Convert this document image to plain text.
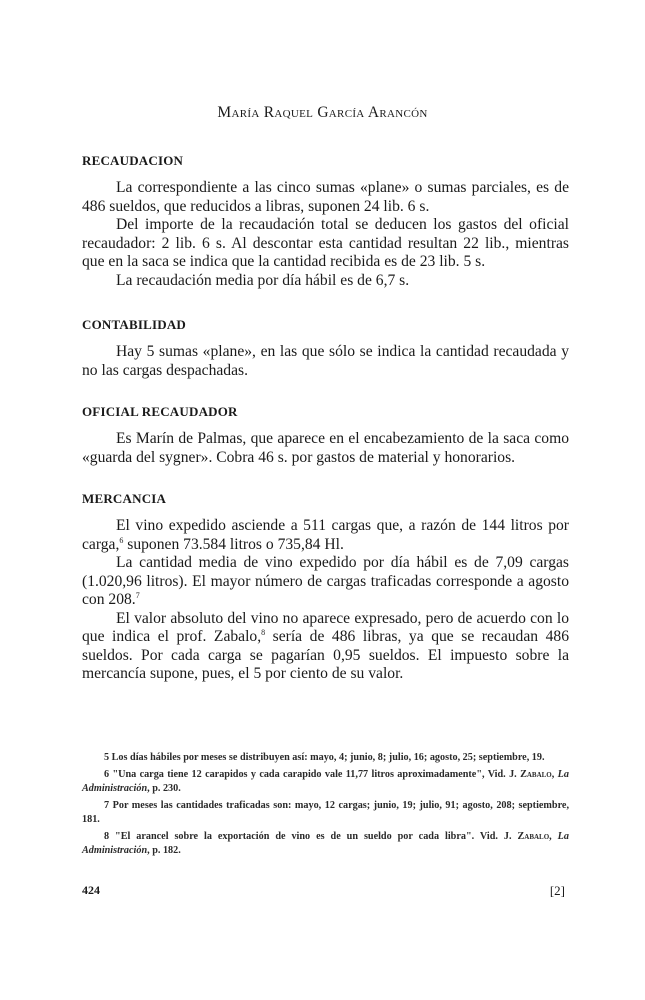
María Raquel García Arancón
RECAUDACION

La correspondiente a las cinco sumas «plane» o sumas parciales, es de 486 sueldos, que reducidos a libras, suponen 24 lib. 6 s.

Del importe de la recaudación total se deducen los gastos del oficial recaudador: 2 lib. 6 s. Al descontar esta cantidad resultan 22 lib., mientras que en la saca se indica que la cantidad recibida es de 23 lib. 5 s.

La recaudación media por día hábil es de 6,7 s.

CONTABILIDAD

Hay 5 sumas «plane», en las que sólo se indica la cantidad recaudada y no las cargas despachadas.

OFICIAL RECAUDADOR

Es Marín de Palmas, que aparece en el encabezamiento de la saca como «guarda del sygner». Cobra 46 s. por gastos de material y honorarios.

MERCANCIA

El vino expedido asciende a 511 cargas que, a razón de 144 litros por carga,$^6$ suponen 73.584 litros o 735,84 Hl.

La cantidad media de vino expedido por día hábil es de 7,09 cargas (1.020,96 litros). El mayor número de cargas traficadas corresponde a agosto con 208.$^7$

El valor absoluto del vino no aparece expresado, pero de acuerdo con lo que indica el prof. Zabalo,$^8$ sería de 486 libras, ya que se recaudan 486 sueldos. Por cada carga se pagarían 0,95 sueldos. El impuesto sobre la mercancía supone, pues, el 5 por ciento de su valor.

5 Los días hábiles por meses se distribuyen así: mayo, 4; junio, 8; julio, 16; agosto, 25; septiembre, 19.

6 "Una carga tiene 12 carapidos y cada carapido vale 11,77 litros aproximadamente", Vid. J. Zabalo, La Administración, p. 230.

7 Por meses las cantidades traficadas son: mayo, 12 cargas; junio, 19; julio, 91; agosto, 208; septiembre, 181.

8 "El arancel sobre la exportación de vino es de un sueldo por cada libra". Vid. J. Zabalo, La Administración, p. 182.

424	[2]
